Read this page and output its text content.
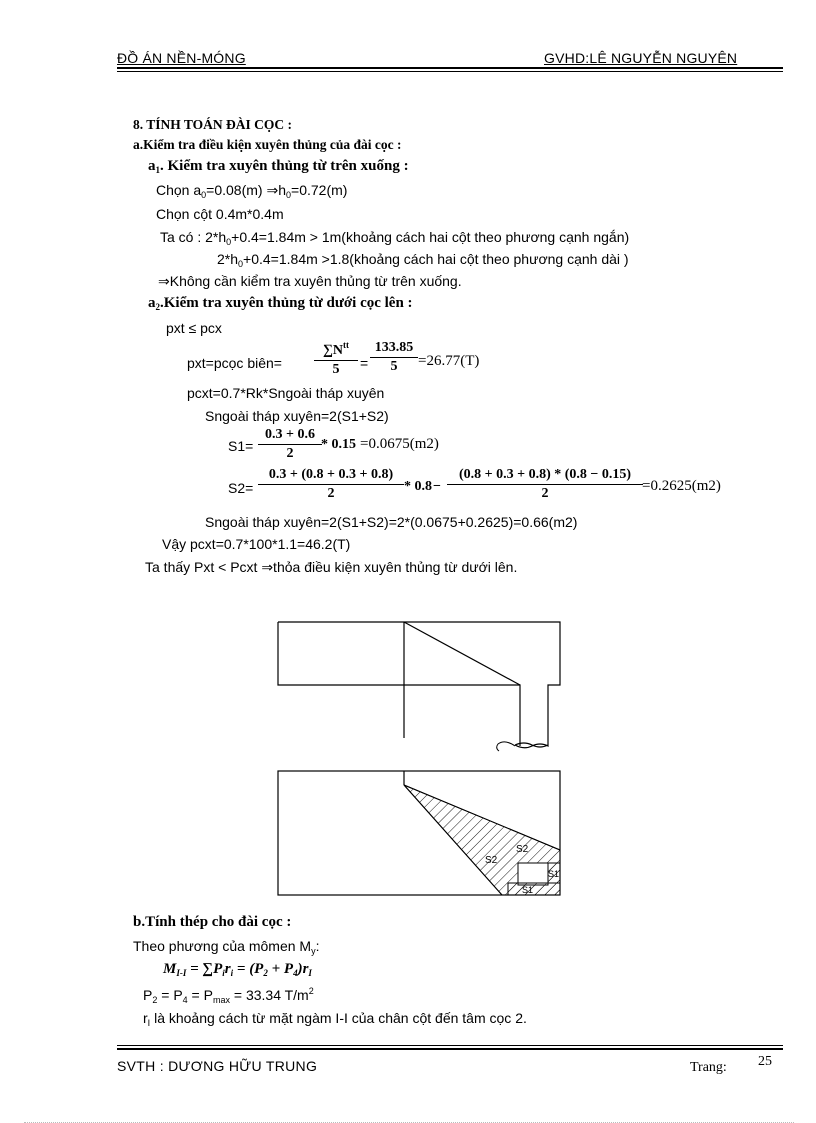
ĐỒ ÁN NỀN-MÓNG	GVHD:LÊ NGUYỄN NGUYÊN
8. TÍNH TOÁN ĐÀI CỌC :
a.Kiểm tra điều kiện xuyên thủng của đài cọc :
$a_1$. Kiểm tra xuyên thủng từ trên xuống :
Chọn $a_0=0.08(m)$ $\Rightarrow h_0=0.72(m)$
Chọn cột 0.4m*0.4m
Ta có : $2*h_0+0.4=1.84m$ > 1m(khoảng cách hai cột theo phương cạnh ngắn)
$2*h_0+0.4=1.84m$ >1.8(khoảng cách hai cột theo phương cạnh dài )
⇒Không cần kiểm tra xuyên thủng từ trên xuống.
$a_2.Kiểm$ tra xuyên thủng từ dưới cọc lên :
pxt ≤ pcx
pxt=pcọc biên=
$\sum N^{tt}$
5	= $\frac{133.85}{5} =26.77(T)$
pcxt=0.7*Rk*Sngoài tháp xuyên
Sngoài tháp xuyên=2(S1+S2)
$S1= \frac{0.3 + 0.6}{2} * 0.15 =0.0675(m2)$
$S2= \frac{0.3 + (0.8 + 0.3 + 0.8)}{2} * 0.8 - \frac{(0.8 + 0.3 + 0.8) * (0.8 - 0.15)}{2} =0.2625(m2)$
Sngoài tháp xuyên=2(S1+S2)=2*(0.0675+0.2625)=0.66(m2)
Vậy pcxt=0.7*100*1.1=46.2(T)
Ta thấy Pxt < Pcxt ⇒thỏa điều kiện xuyên thủng từ dưới lên.
S2
S2
S1
S1
b.Tính thép cho đài cọc :
Theo phương của mômen $M_y$:
$M_{I-I} = \sum P_ir_i = (P_2 + P_4)r_I$
$P_2 = P_4 = P_{max} = 33.34$ $T/m^2$
$r_I$ là khoảng cách từ mặt ngàm I-I của chân cột đến tâm cọc 2.
SVTH : DƯƠNG HỮU TRUNG	Trang: 25
